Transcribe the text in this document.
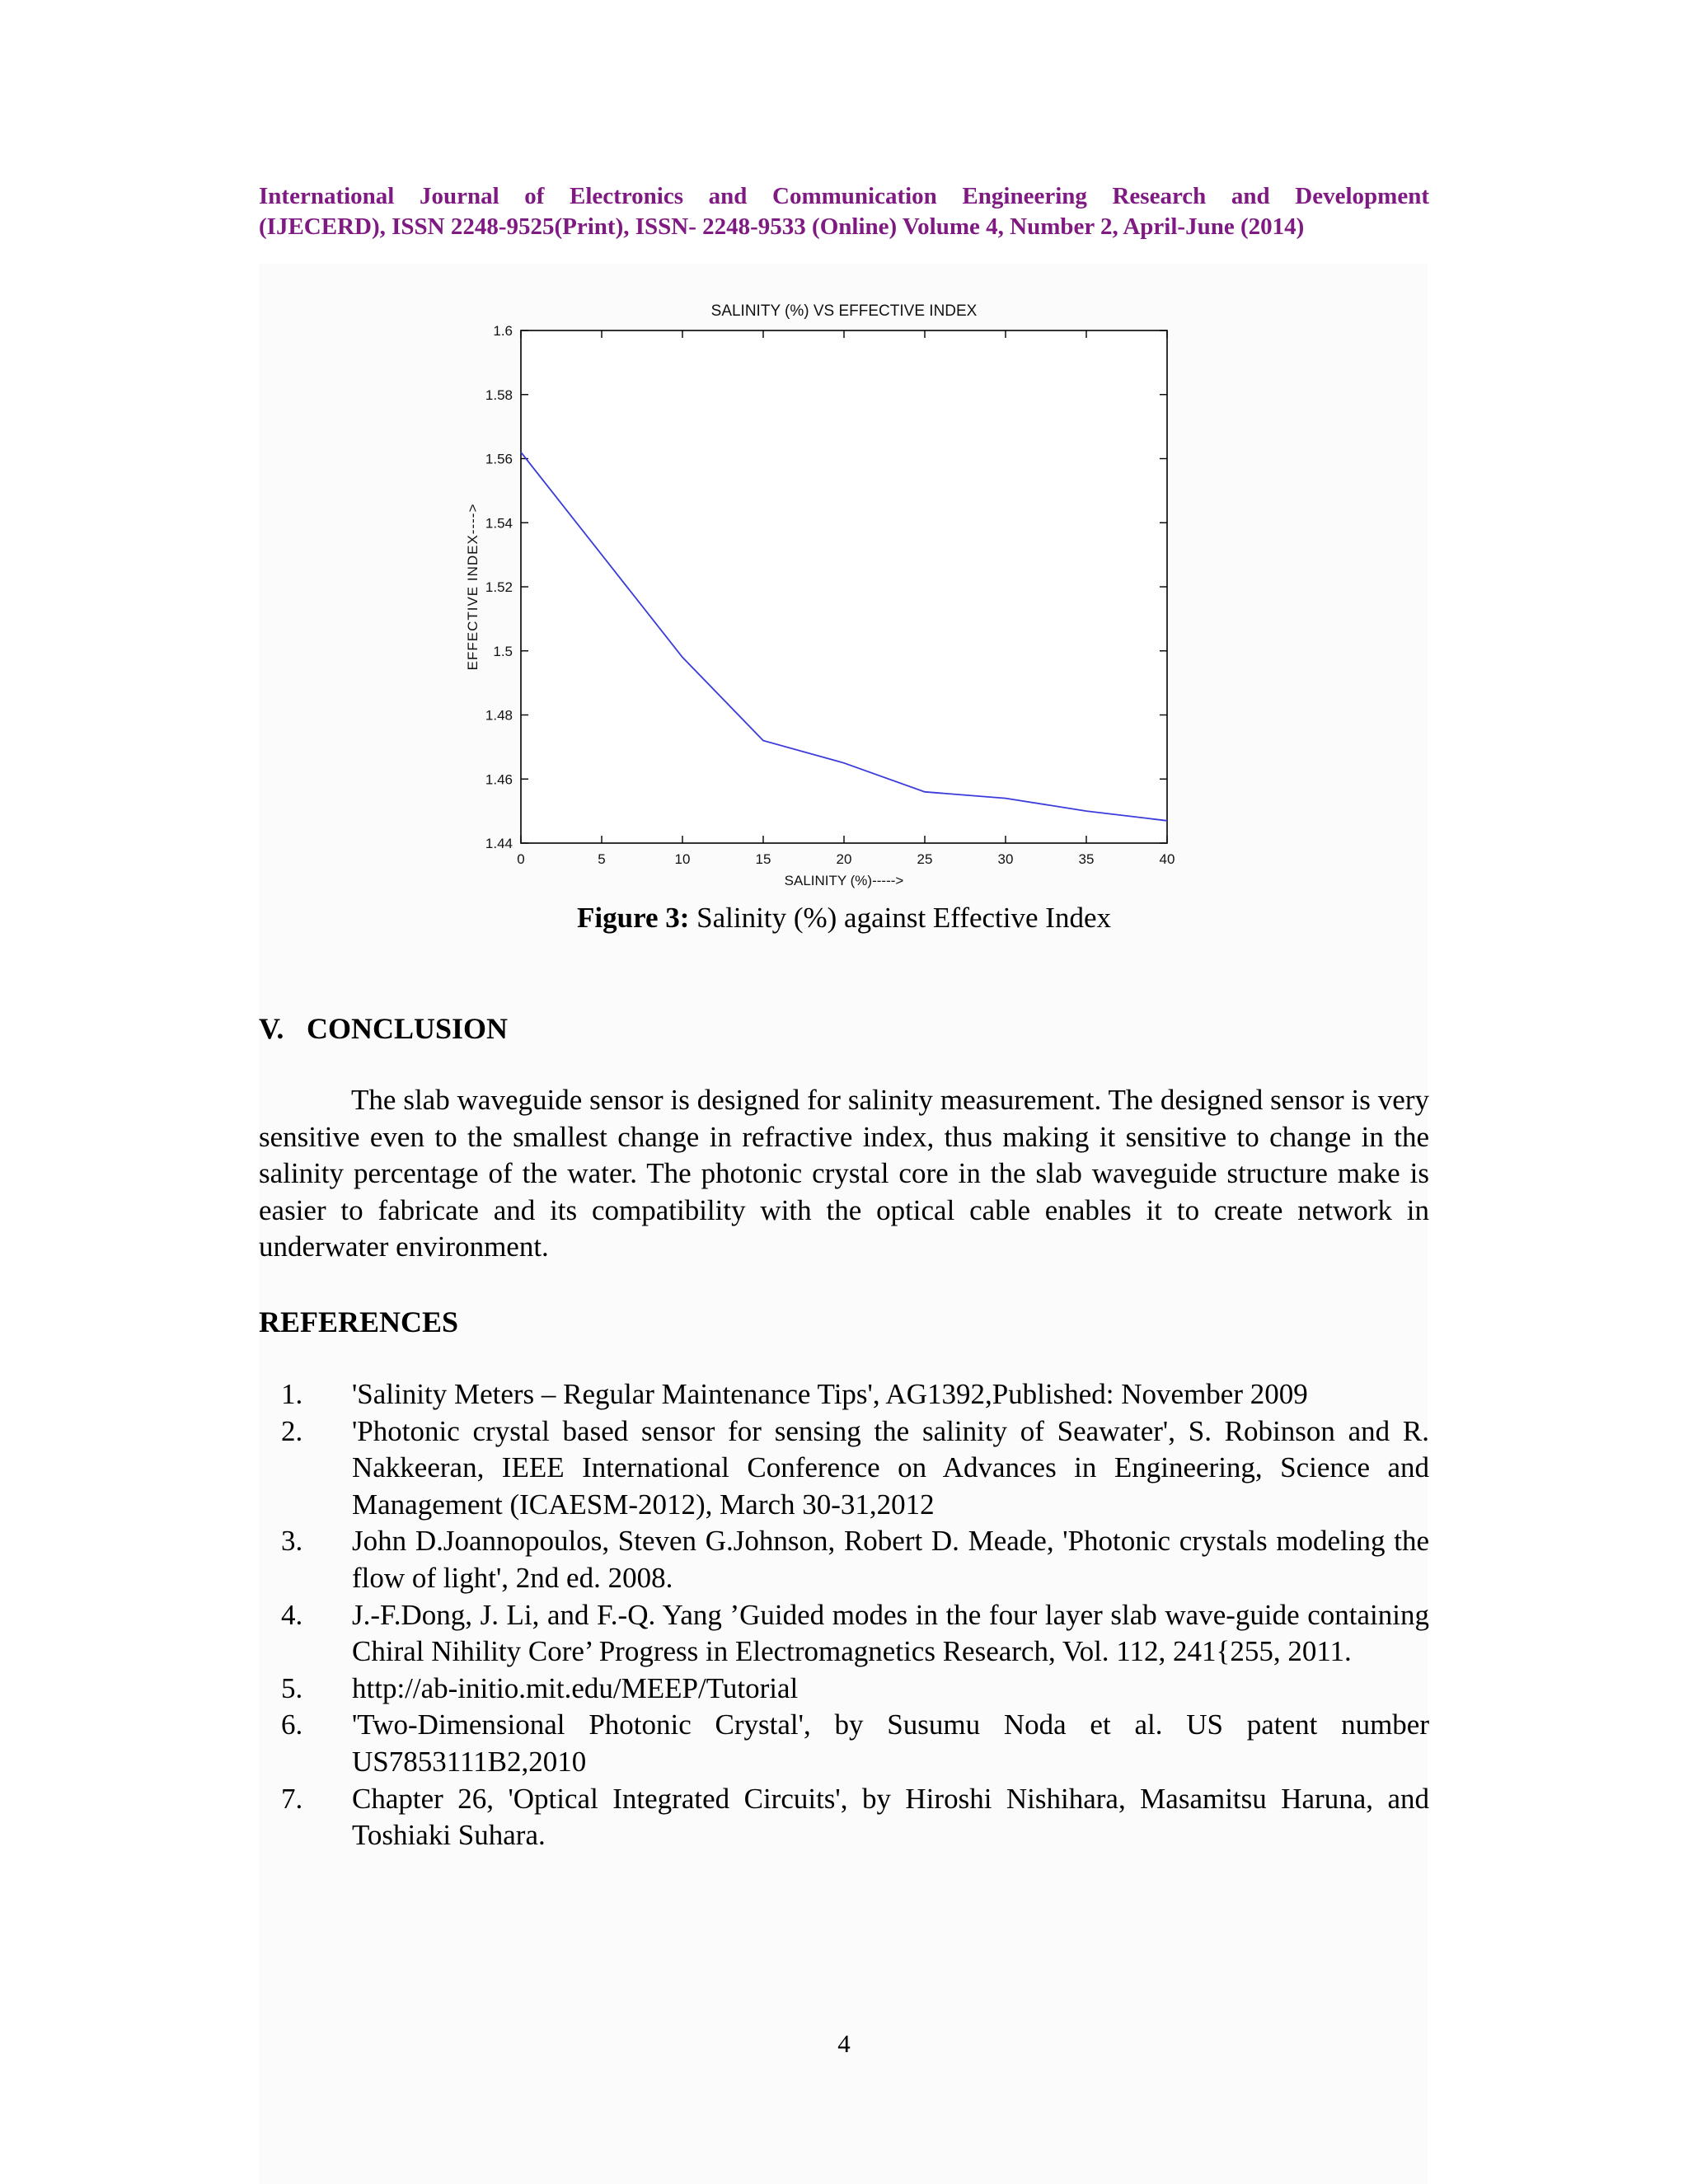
International Journal of Electronics and Communication Engineering Research and Development
(IJECERD), ISSN 2248-9525(Print), ISSN- 2248-9533 (Online) Volume 4, Number 2, April-June (2014)
SALINITY (%) VS EFFECTIVE INDEX
1.44
1.46
1.48
1.5
1.52
1.54
1.56
1.58
1.6
0	5	10	15	20	25	30	35	40
SALINITY (%)----->
EFFECTIVE INDEX---->
Figure 3: Salinity (%) against Effective Index
V. CONCLUSION

The slab waveguide sensor is designed for salinity measurement. The designed sensor is very sensitive even to the smallest change in refractive index, thus making it sensitive to change in the salinity percentage of the water. The photonic crystal core in the slab waveguide structure make is easier to fabricate and its compatibility with the optical cable enables it to create network in underwater environment.

REFERENCES
1. 'Salinity Meters – Regular Maintenance Tips', AG1392,Published: November 2009
2. 'Photonic crystal based sensor for sensing the salinity of Seawater', S. Robinson and R. Nakkeeran, IEEE International Conference on Advances in Engineering, Science and Management (ICAESM-2012), March 30-31,2012
3. John D.Joannopoulos, Steven G.Johnson, Robert D. Meade, 'Photonic crystals modeling the flow of light', 2nd ed. 2008.
4. J.-F.Dong, J. Li, and F.-Q. Yang ’Guided modes in the four layer slab wave-guide containing Chiral Nihility Core’ Progress in Electromagnetics Research, Vol. 112, 241{255, 2011.
5. http://ab-initio.mit.edu/MEEP/Tutorial
6. 'Two-Dimensional Photonic Crystal', by Susumu Noda et al. US patent number US7853111B2,2010
7. Chapter 26, 'Optical Integrated Circuits', by Hiroshi Nishihara, Masamitsu Haruna, and Toshiaki Suhara.
4
